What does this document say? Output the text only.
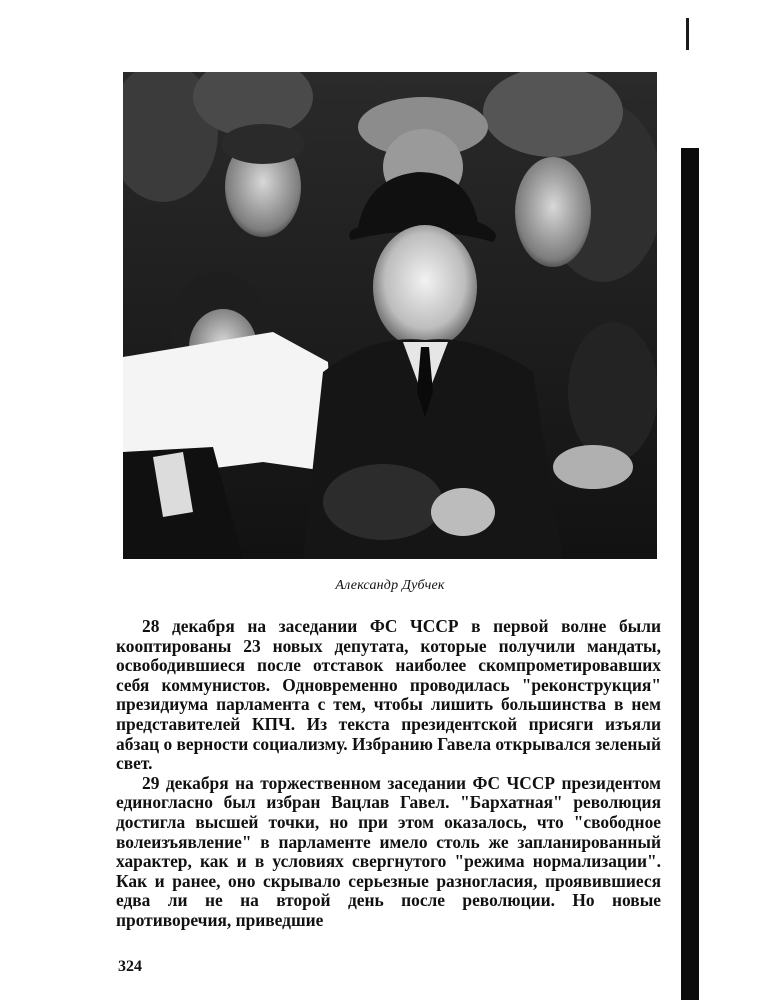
Александр Дубчек

28 декабря на заседании ФС ЧССР в первой волне были кооптированы 23 новых депутата, которые получили мандаты, освободившиеся после отставок наиболее скомпрометировавших себя коммунистов. Одновременно проводилась "реконструкция" президиума парламента с тем, чтобы лишить большинства в нем представителей КПЧ. Из текста президентской присяги изъяли абзац о верности социализму. Избранию Гавела открывался зеленый свет.

29 декабря на торжественном заседании ФС ЧССР президентом единогласно был избран Вацлав Гавел. "Бархатная" революция достигла высшей точки, но при этом оказалось, что "свободное волеизъявление" в парламенте имело столь же запланированный характер, как и в условиях свергнутого "режима нормализации". Как и ранее, оно скрывало серьезные разногласия, проявившиеся едва ли не на второй день после революции. Но новые противоречия, приведшие

324
